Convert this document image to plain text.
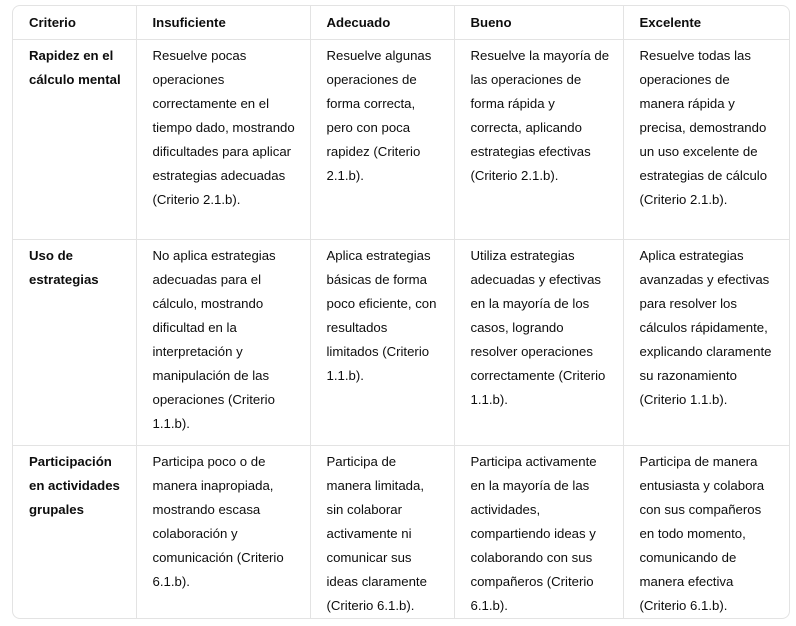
Criterio	Insuficiente	Adecuado	Bueno	Excelente
Rapidez en el cálculo mental	Resuelve pocas operaciones correctamente en el tiempo dado, mostrando dificultades para aplicar estrategias adecuadas (Criterio 2.1.b).	Resuelve algunas operaciones de forma correcta, pero con poca rapidez (Criterio 2.1.b).	Resuelve la mayoría de las operaciones de forma rápida y correcta, aplicando estrategias efectivas (Criterio 2.1.b).	Resuelve todas las operaciones de manera rápida y precisa, demostrando un uso excelente de estrategias de cálculo (Criterio 2.1.b).
Uso de estrategias	No aplica estrategias adecuadas para el cálculo, mostrando dificultad en la interpretación y manipulación de las operaciones (Criterio 1.1.b).	Aplica estrategias básicas de forma poco eficiente, con resultados limitados (Criterio 1.1.b).	Utiliza estrategias adecuadas y efectivas en la mayoría de los casos, logrando resolver operaciones correctamente (Criterio 1.1.b).	Aplica estrategias avanzadas y efectivas para resolver los cálculos rápidamente, explicando claramente su razonamiento (Criterio 1.1.b).
Participación en actividades grupales	Participa poco o de manera inapropiada, mostrando escasa colaboración y comunicación (Criterio 6.1.b).	Participa de manera limitada, sin colaborar activamente ni comunicar sus ideas claramente (Criterio 6.1.b).	Participa activamente en la mayoría de las actividades, compartiendo ideas y colaborando con sus compañeros (Criterio 6.1.b).	Participa de manera entusiasta y colabora con sus compañeros en todo momento, comunicando de manera efectiva (Criterio 6.1.b).
